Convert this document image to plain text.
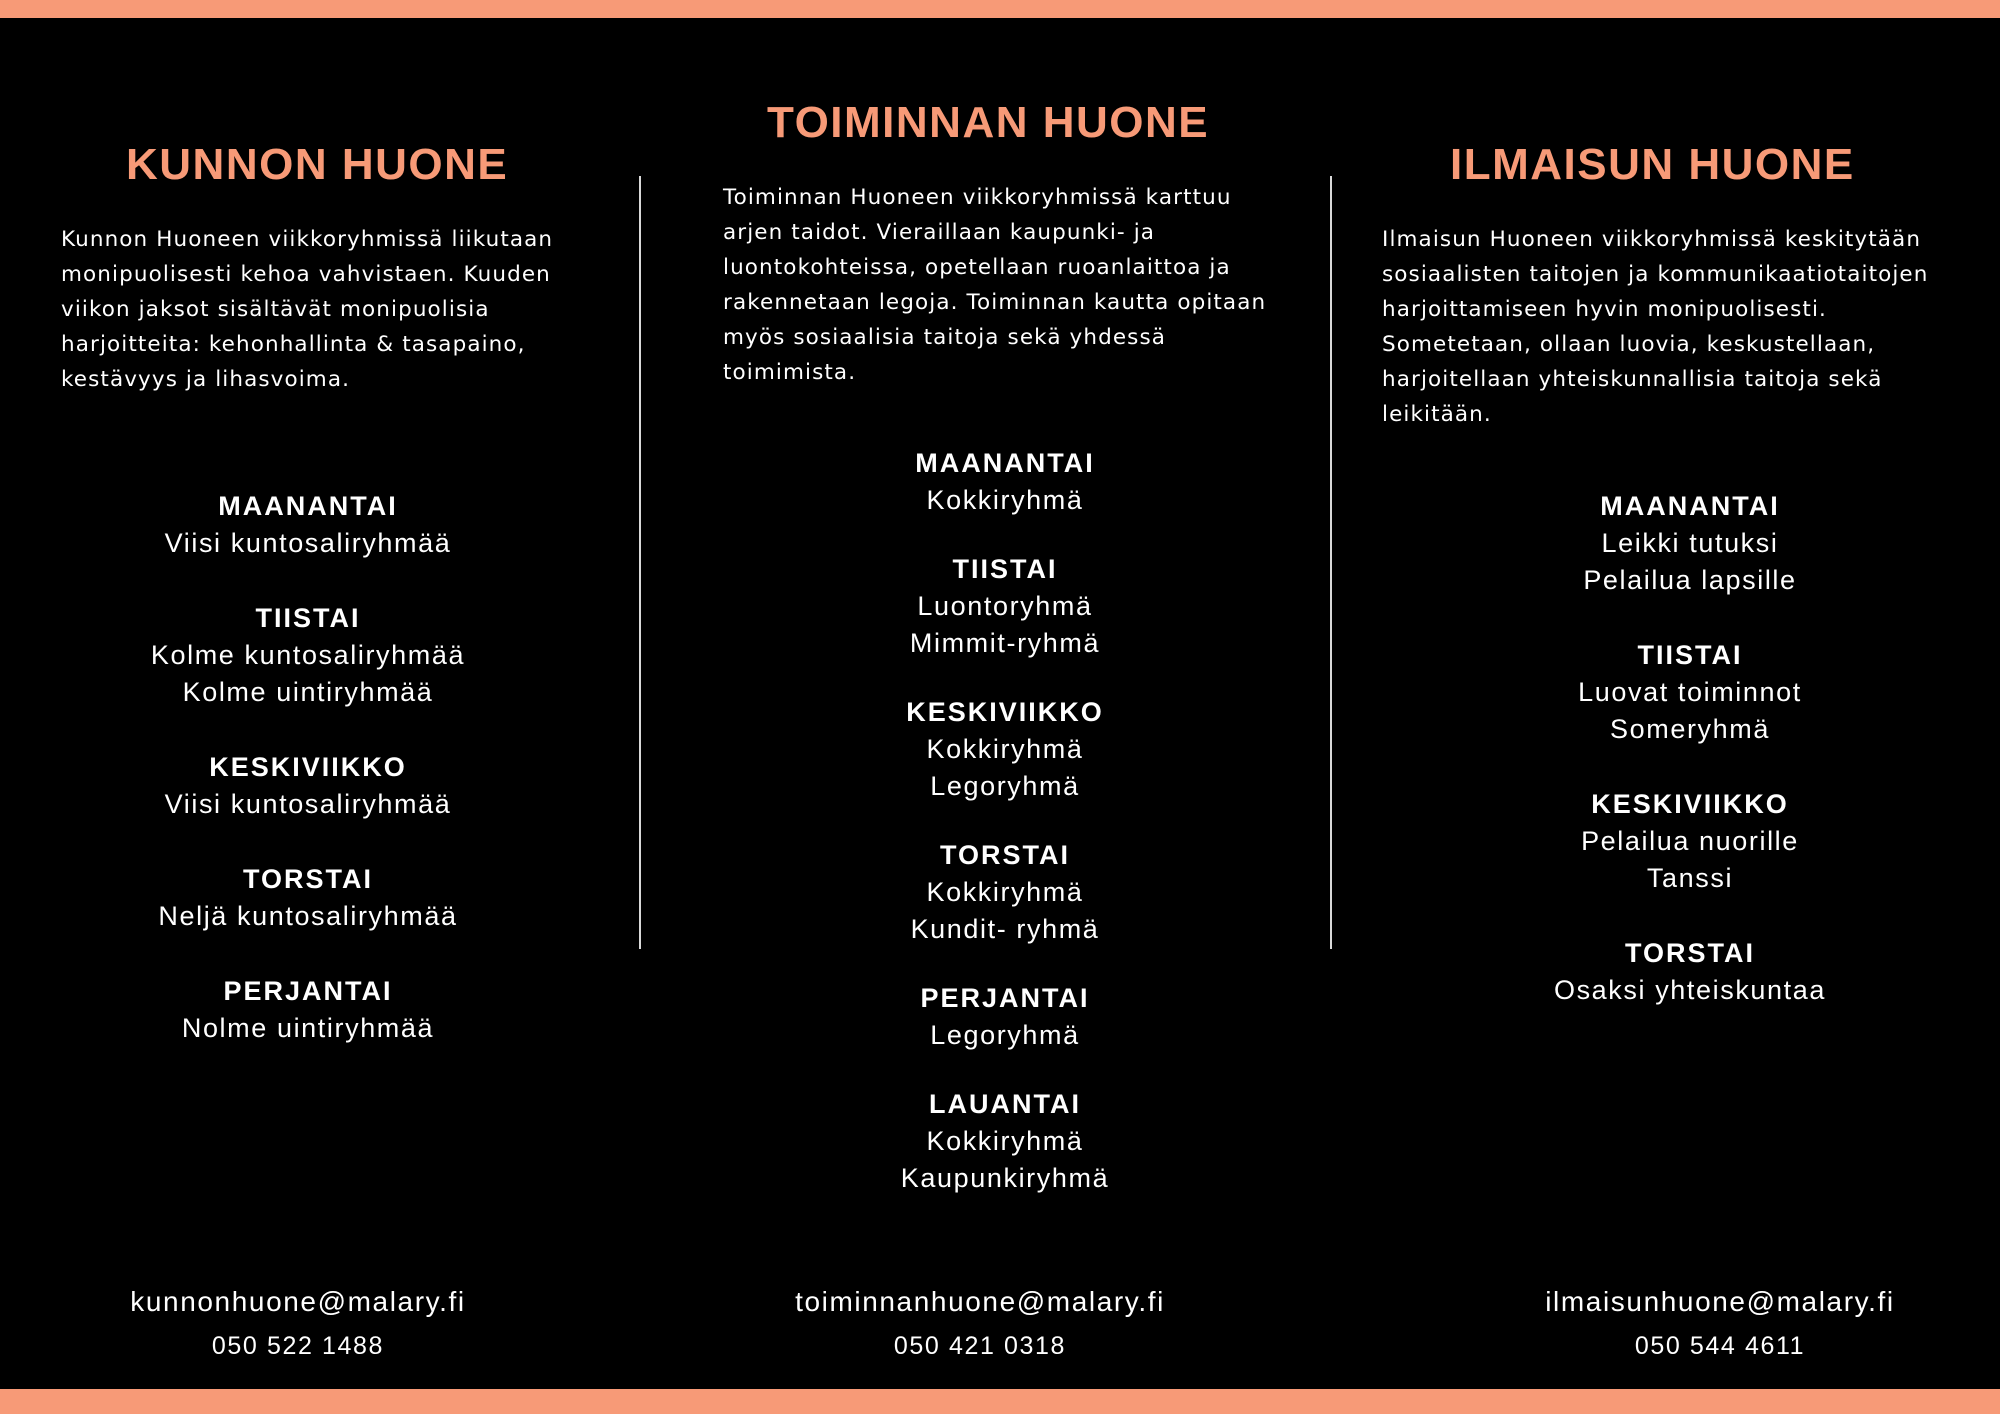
KUNNON HUONE

Kunnon Huoneen viikkoryhmissä liikutaan monipuolisesti kehoa vahvistaen. Kuuden viikon jaksot sisältävät monipuolisia harjoitteita: kehonhallinta & tasapaino, kestävyys ja lihasvoima.

MAANANTAI
Viisi kuntosaliryhmää
TIISTAI
Kolme kuntosaliryhmää
Kolme uintiryhmää
KESKIVIIKKO
Viisi kuntosaliryhmää
TORSTAI
Neljä kuntosaliryhmää
PERJANTAI
Nolme uintiryhmää
TOIMINNAN HUONE

Toiminnan Huoneen viikkoryhmissä karttuu arjen taidot. Vieraillaan kaupunki- ja luontokohteissa, opetellaan ruoanlaittoa ja rakennetaan legoja. Toiminnan kautta opitaan myös sosiaalisia taitoja sekä yhdessä toimimista.

MAANANTAI
Kokkiryhmä
TIISTAI
Luontoryhmä
Mimmit-ryhmä
KESKIVIIKKO
Kokkiryhmä
Legoryhmä
TORSTAI
Kokkiryhmä
Kundit- ryhmä
PERJANTAI
Legoryhmä
LAUANTAI
Kokkiryhmä
Kaupunkiryhmä
ILMAISUN HUONE

Ilmaisun Huoneen viikkoryhmissä keskitytään sosiaalisten taitojen ja kommunikaatiotaitojen harjoittamiseen hyvin monipuolisesti. Sometetaan, ollaan luovia, keskustellaan, harjoitellaan yhteiskunnallisia taitoja sekä leikitään.

MAANANTAI
Leikki tutuksi
Pelailua lapsille
TIISTAI
Luovat toiminnot
Someryhmä
KESKIVIIKKO
Pelailua nuorille
Tanssi
TORSTAI
Osaksi yhteiskuntaa
kunnonhuone@malary.fi
050 522 1488
toiminnanhuone@malary.fi
050 421 0318
ilmaisunhuone@malary.fi
050 544 4611
